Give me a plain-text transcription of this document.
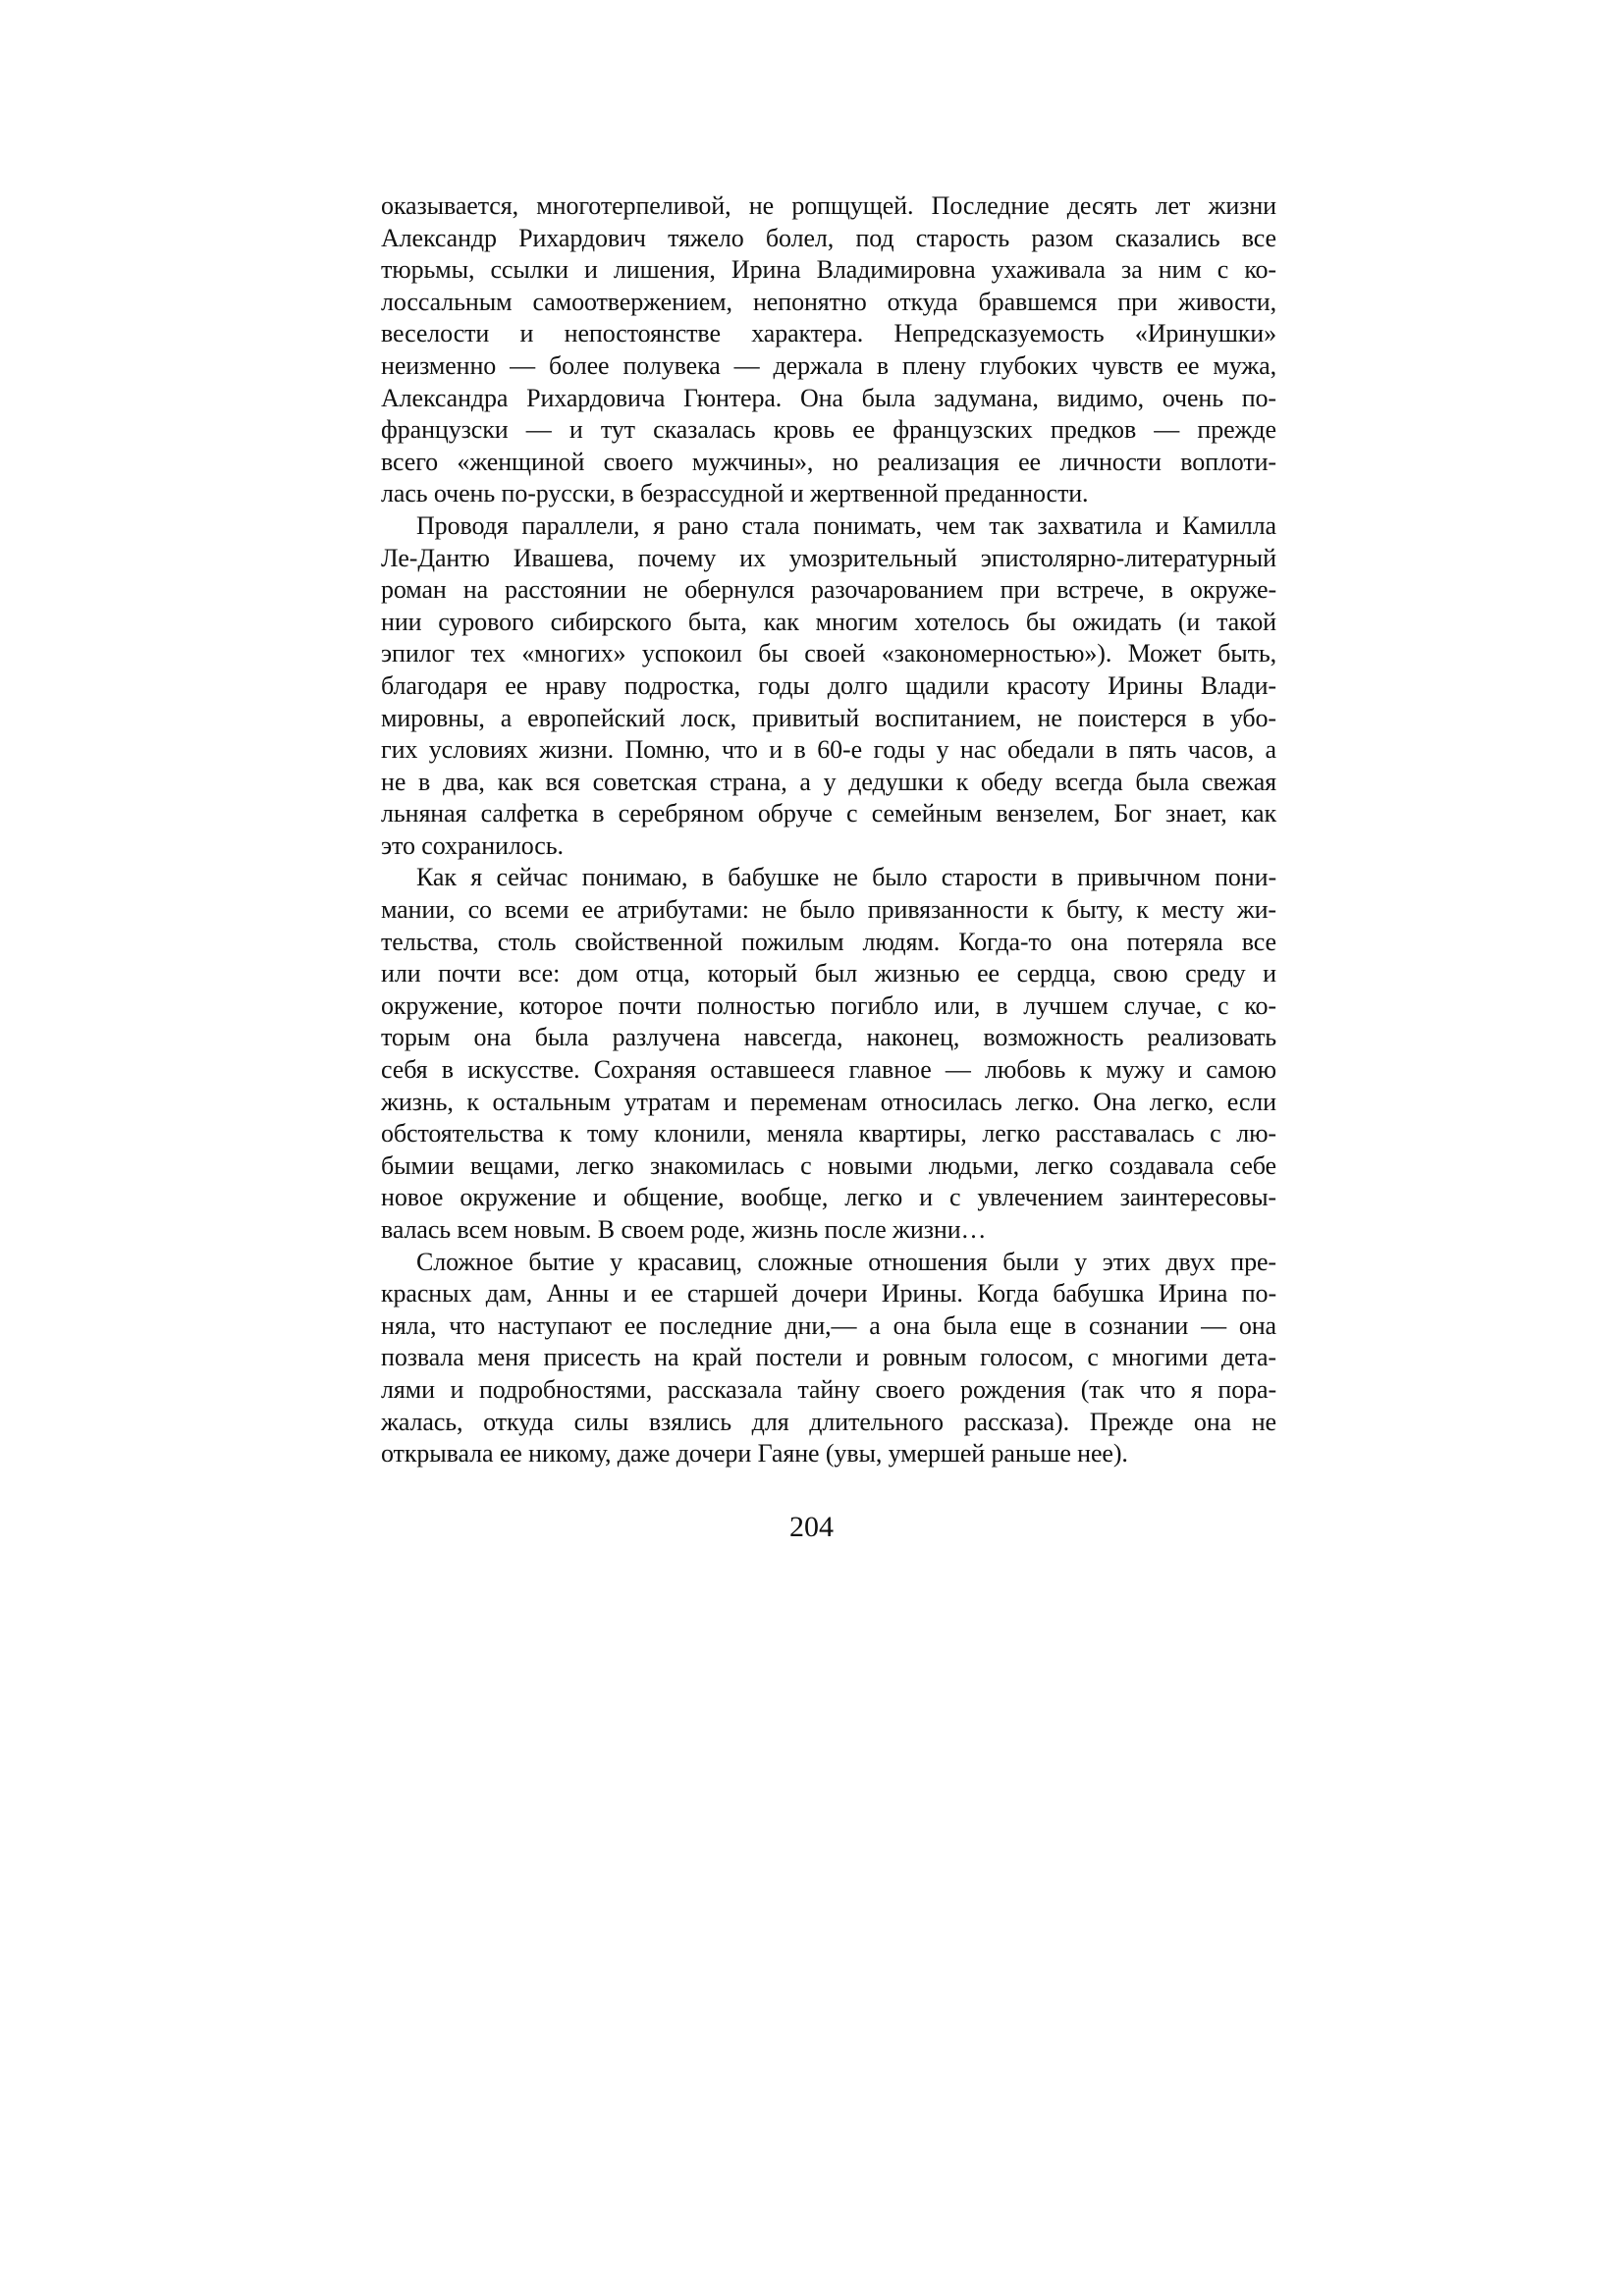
оказывается, многотерпеливой, не ропщущей. Последние десять лет жизни
Александр Рихардович тяжело болел, под старость разом сказались все
тюрьмы, ссылки и лишения, Ирина Владимировна ухаживала за ним с ко-
лоссальным самоотвержением, непонятно откуда бравшемся при живости,
веселости и непостоянстве характера. Непредсказуемость «Иринушки»
неизменно — более полувека — держала в плену глубоких чувств ее мужа,
Александра Рихардовича Гюнтера. Она была задумана, видимо, очень по-
французски — и тут сказалась кровь ее французских предков — прежде
всего «женщиной своего мужчины», но реализация ее личности воплоти-
лась очень по-русски, в безрассудной и жертвенной преданности.

Проводя параллели, я рано стала понимать, чем так захватила и Камилла
Ле-Дантю Ивашева, почему их умозрительный эпистолярно-литературный
роман на расстоянии не обернулся разочарованием при встрече, в окруже-
нии сурового сибирского быта, как многим хотелось бы ожидать (и такой
эпилог тех «многих» успокоил бы своей «закономерностью»). Может быть,
благодаря ее нраву подростка, годы долго щадили красоту Ирины Влади-
мировны, а европейский лоск, привитый воспитанием, не поистерся в убо-
гих условиях жизни. Помню, что и в 60-е годы у нас обедали в пять часов, а
не в два, как вся советская страна, а у дедушки к обеду всегда была свежая
льняная салфетка в серебряном обруче с семейным вензелем, Бог знает, как
это сохранилось.

Как я сейчас понимаю, в бабушке не было старости в привычном пони-
мании, со всеми ее атрибутами: не было привязанности к быту, к месту жи-
тельства, столь свойственной пожилым людям. Когда-то она потеряла все
или почти все: дом отца, который был жизнью ее сердца, свою среду и
окружение, которое почти полностью погибло или, в лучшем случае, с ко-
торым она была разлучена навсегда, наконец, возможность реализовать
себя в искусстве. Сохраняя оставшееся главное — любовь к мужу и самою
жизнь, к остальным утратам и переменам относилась легко. Она легко, если
обстоятельства к тому клонили, меняла квартиры, легко расставалась с лю-
бымии вещами, легко знакомилась с новыми людьми, легко создавала себе
новое окружение и общение, вообще, легко и с увлечением заинтересовы-
валась всем новым. В своем роде, жизнь после жизни…

Сложное бытие у красавиц, сложные отношения были у этих двух пре-
красных дам, Анны и ее старшей дочери Ирины. Когда бабушка Ирина по-
няла, что наступают ее последние дни,— а она была еще в сознании — она
позвала меня присесть на край постели и ровным голосом, с многими дета-
лями и подробностями, рассказала тайну своего рождения (так что я пора-
жалась, откуда силы взялись для длительного рассказа). Прежде она не
открывала ее никому, даже дочери Гаяне (увы, умершей раньше нее).

204
